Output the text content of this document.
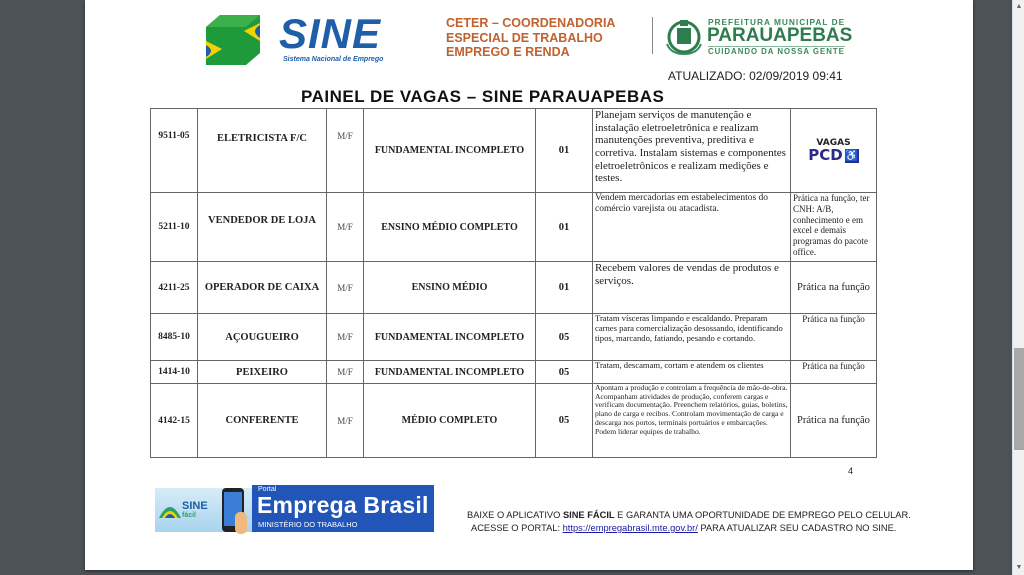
SINE
Sistema Nacional de Emprego
CETER – COORDENADORIA
ESPECIAL DE TRABALHO
EMPREGO E RENDA
PREFEITURA MUNICIPAL DE
PARAUAPEBAS
CUIDANDO DA NOSSA GENTE
ATUALIZADO: 02/09/2019 09:41
PAINEL DE VAGAS – SINE PARAUAPEBAS
9511-05	ELETRICISTA F/C	M/F	FUNDAMENTAL INCOMPLETO	01	Planejam serviços de manutenção e instalação eletroeletrônica e realizam manutenções preventiva, preditiva e corretiva. Instalam sistemas e componentes eletroeletrônicos e realizam medições e testes.	VAGAS
PCD ♿

5211-10	VENDEDOR DE LOJA	M/F	ENSINO MÉDIO COMPLETO	01	Vendem mercadorias em estabelecimentos do comércio varejista ou atacadista.	Prática na função, ter CNH: A/B, conhecimento e em excel e demais programas do pacote office.
4211-25	OPERADOR DE CAIXA	M/F	ENSINO MÉDIO	01	Recebem valores de vendas de produtos e serviços.	Prática na função
8485-10	AÇOUGUEIRO	M/F	FUNDAMENTAL INCOMPLETO	05	Tratam vísceras limpando e escaldando. Preparam carnes para comercialização desossando, identificando tipos, marcando, fatiando, pesando e cortando.	Prática na função
1414-10	PEIXEIRO	M/F	FUNDAMENTAL INCOMPLETO	05	Tratam, descamam, cortam e atendem os clientes	Prática na função
4142-15	CONFERENTE	M/F	MÉDIO COMPLETO	05	Apontam a produção e controlam a frequência de mão-de-obra. Acompanham atividades de produção, conferem cargas e verificam documentação. Preenchem relatórios, guias, boletins, plano de carga e recibos. Controlam movimentação de carga e descarga nos portos, terminais portuários e embarcações. Podem liderar equipes de trabalho.	Prática na função
4
SINE
fácil
Portal
Emprega Brasil
MINISTÉRIO DO TRABALHO
BAIXE O APLICATIVO SINE FÁCIL E GARANTA UMA OPORTUNIDADE DE EMPREGO PELO CELULAR.
ACESSE O PORTAL: https://empregabrasil.mte.gov.br/ PARA ATUALIZAR SEU CADASTRO NO SINE.
▲
▼
